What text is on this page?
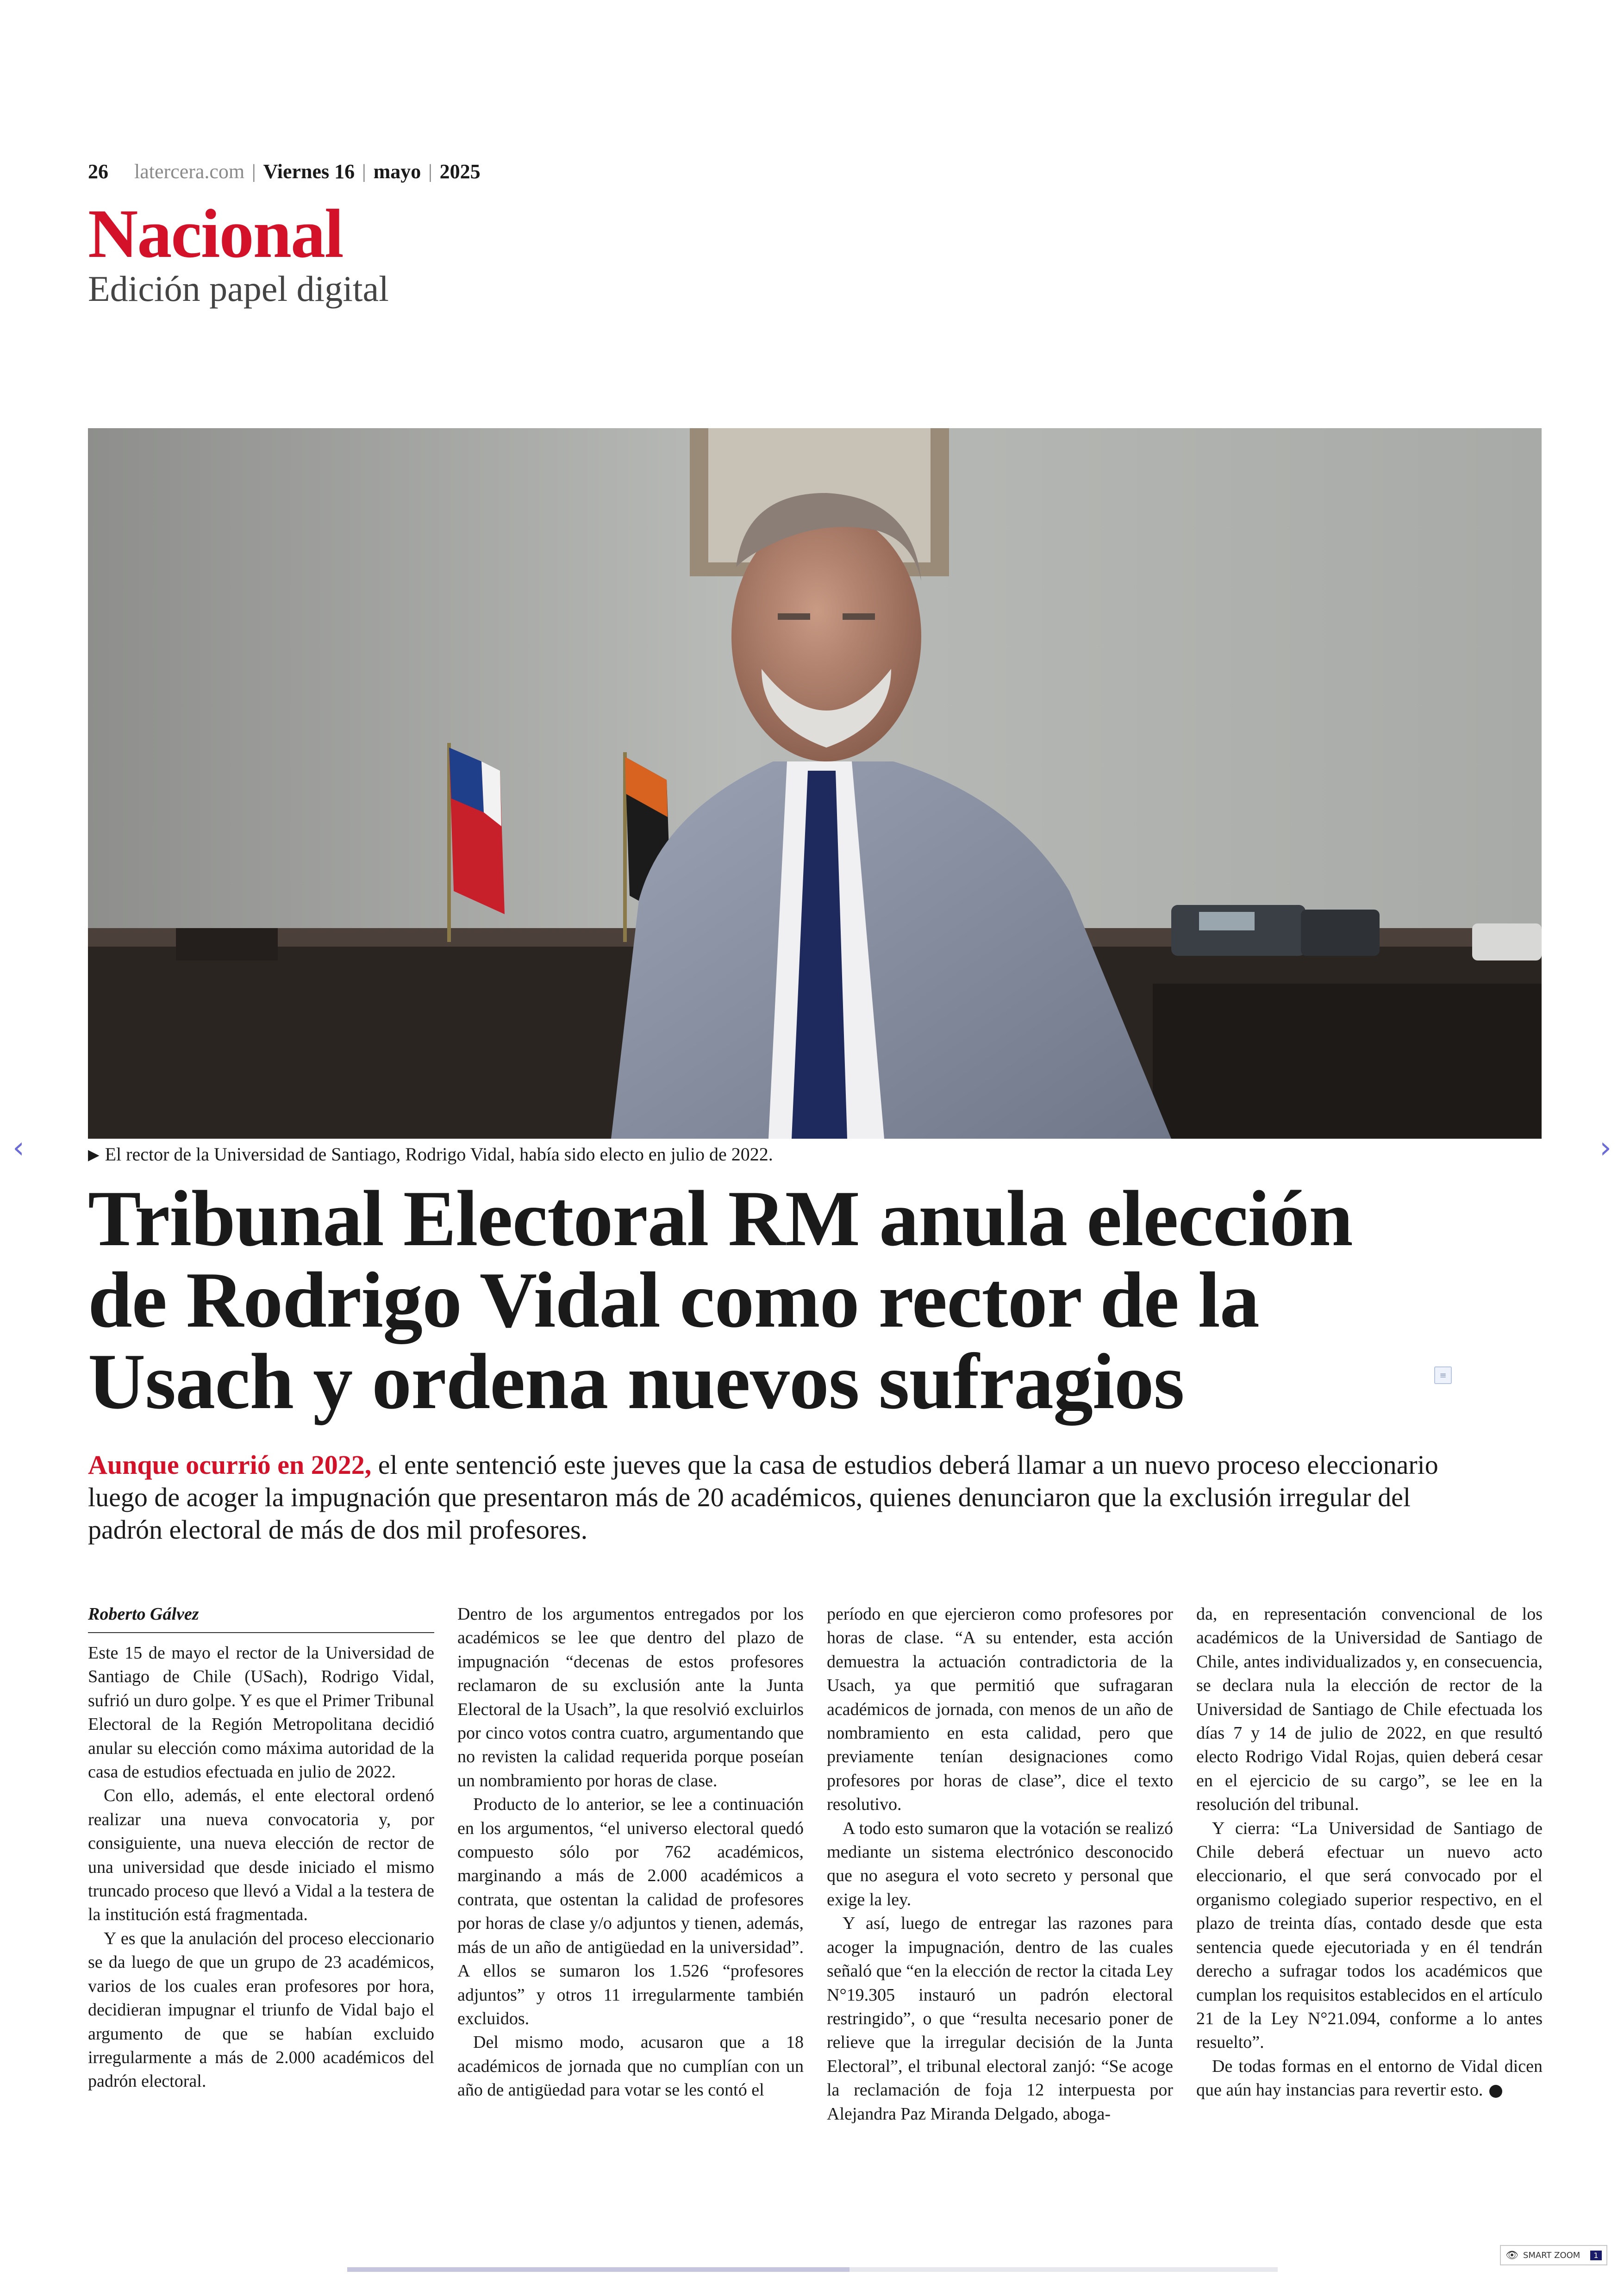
26 latercera.com | Viernes 16 | mayo | 2025
Nacional
Edición papel digital
▶ El rector de la Universidad de Santiago, Rodrigo Vidal, había sido electo en julio de 2022.
‹	›
Tribunal Electoral RM anula elección
de Rodrigo Vidal como rector de la
Usach y ordena nuevos sufragios	≡

Aunque ocurrió en 2022, el ente sentenció este jueves que la casa de estudios deberá llamar a un nuevo proceso eleccionario luego de acoger la impugnación que presentaron más de 20 académicos, quienes denunciaron que la exclusión irregular del padrón electoral de más de dos mil profesores.

Roberto Gálvez

Este 15 de mayo el rector de la Universidad de Santiago de Chile (USach), Rodrigo Vidal, sufrió un duro golpe. Y es que el Primer Tribunal Electoral de la Región Metropolitana decidió anular su elección como máxima autoridad de la casa de estudios efectuada en julio de 2022.

Con ello, además, el ente electoral ordenó realizar una nueva convocatoria y, por consiguiente, una nueva elección de rector de una universidad que desde iniciado el mismo truncado proceso que llevó a Vidal a la testera de la institución está fragmentada.

Y es que la anulación del proceso eleccionario se da luego de que un grupo de 23 académicos, varios de los cuales eran profesores por hora, decidieran impugnar el triunfo de Vidal bajo el argumento de que se habían excluido irregularmente a más de 2.000 académicos del padrón electoral.

Dentro de los argumentos entregados por los académicos se lee que dentro del plazo de impugnación “decenas de estos profesores reclamaron de su exclusión ante la Junta Electoral de la Usach”, la que resolvió excluirlos por cinco votos contra cuatro, argumentando que no revisten la calidad requerida porque poseían un nombramiento por horas de clase.

Producto de lo anterior, se lee a continuación en los argumentos, “el universo electoral quedó compuesto sólo por 762 académicos, marginando a más de 2.000 académicos a contrata, que ostentan la calidad de profesores por horas de clase y/o adjuntos y tienen, además, más de un año de antigüedad en la universidad”. A ellos se sumaron los 1.526 “profesores adjuntos” y otros 11 irregularmente también excluidos.

Del mismo modo, acusaron que a 18 académicos de jornada que no cumplían con un año de antigüedad para votar se les contó el

período en que ejercieron como profesores por horas de clase. “A su entender, esta acción demuestra la actuación contradictoria de la Usach, ya que permitió que sufragaran académicos de jornada, con menos de un año de nombramiento en esta calidad, pero que previamente tenían designaciones como profesores por horas de clase”, dice el texto resolutivo.

A todo esto sumaron que la votación se realizó mediante un sistema electrónico desconocido que no asegura el voto secreto y personal que exige la ley.

Y así, luego de entregar las razones para acoger la impugnación, dentro de las cuales señaló que “en la elección de rector la citada Ley N°19.305 instauró un padrón electoral restringido”, o que “resulta necesario poner de relieve que la irregular decisión de la Junta Electoral”, el tribunal electoral zanjó: “Se acoge la reclamación de foja 12 interpuesta por Alejandra Paz Miranda Delgado, aboga-

da, en representación convencional de los académicos de la Universidad de Santiago de Chile, antes individualizados y, en consecuencia, se declara nula la elección de rector de la Universidad de Santiago de Chile efectuada los días 7 y 14 de julio de 2022, en que resultó electo Rodrigo Vidal Rojas, quien deberá cesar en el ejercicio de su cargo”, se lee en la resolución del tribunal.

Y cierra: “La Universidad de Santiago de Chile deberá efectuar un nuevo acto eleccionario, el que será convocado por el organismo colegiado superior respectivo, en el plazo de treinta días, contado desde que esta sentencia quede ejecutoriada y en él tendrán derecho a sufragar todos los académicos que cumplan los requisitos establecidos en el artículo 21 de la Ley N°21.094, conforme a lo antes resuelto”.

De todas formas en el entorno de Vidal dicen que aún hay instancias para revertir esto.

👁 SMART ZOOM	1
